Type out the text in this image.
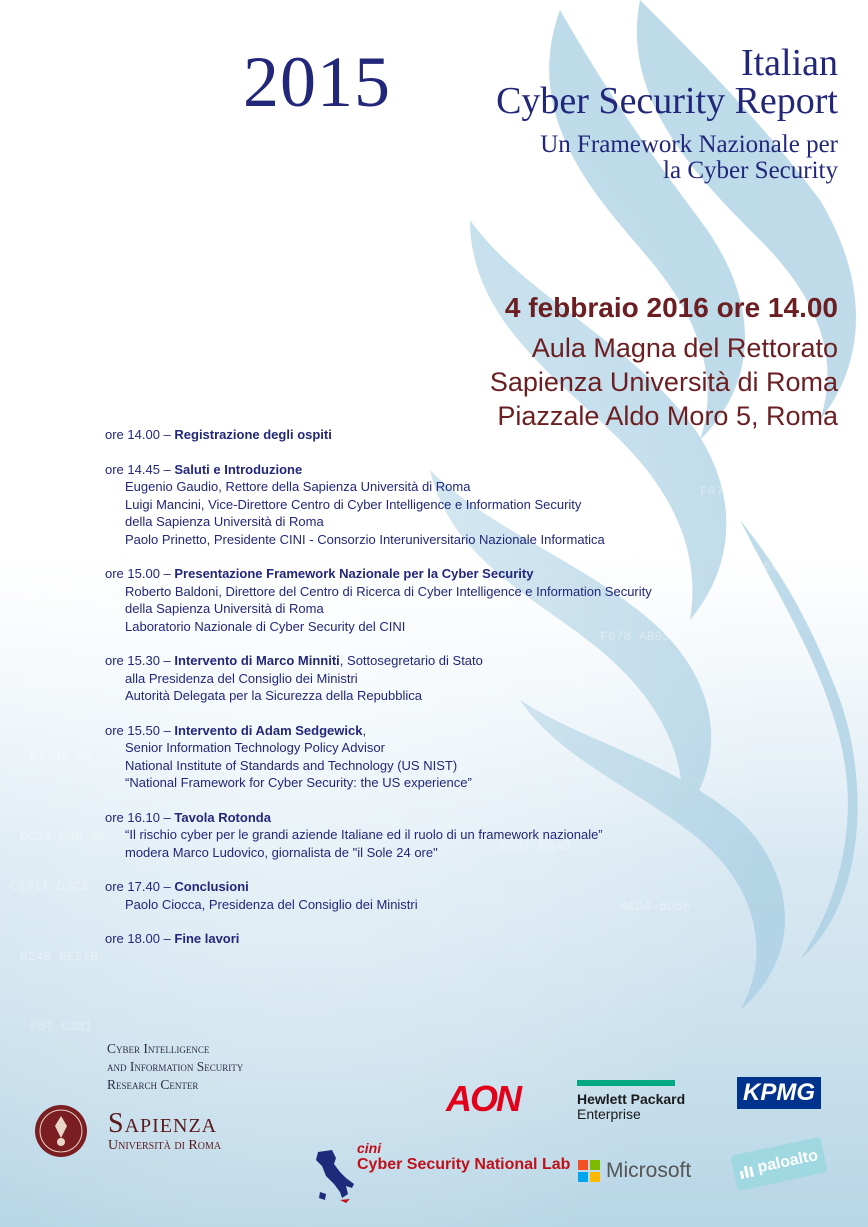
F078 6D 8
B3 5CD4B0
F078 AB93
3901 B4F D
F7 4B B3
BC34 E3B 9A
C0911 D3C3
B24B 6E27B
F57 C3B1
0901 E6AB
4CD4 6D58
2015	Italian
Cyber Security Report
Un Framework Nazionale per
la Cyber Security
4 febbraio 2016 ore 14.00
Aula Magna del Rettorato
Sapienza Università di Roma
Piazzale Aldo Moro 5, Roma
ore 14.00 – Registrazione degli ospiti
ore 14.45 – Saluti e Introduzione
Eugenio Gaudio, Rettore della Sapienza Università di Roma
Luigi Mancini, Vice-Direttore Centro di Cyber Intelligence e Information Security
della Sapienza Università di Roma
Paolo Prinetto, Presidente CINI - Consorzio Interuniversitario Nazionale Informatica
ore 15.00 – Presentazione Framework Nazionale per la Cyber Security
Roberto Baldoni, Direttore del Centro di Ricerca di Cyber Intelligence e Information Security
della Sapienza Università di Roma
Laboratorio Nazionale di Cyber Security del CINI
ore 15.30 – Intervento di Marco Minniti, Sottosegretario di Stato
alla Presidenza del Consiglio dei Ministri
Autorità Delegata per la Sicurezza della Repubblica
ore 15.50 – Intervento di Adam Sedgewick,
Senior Information Technology Policy Advisor
National Institute of Standards and Technology (US NIST)
“National Framework for Cyber Security: the US experience”
ore 16.10 – Tavola Rotonda
“Il rischio cyber per le grandi aziende Italiane ed il ruolo di un framework nazionale”
modera Marco Ludovico, giornalista de "il Sole 24 ore"
ore 17.40 – Conclusioni
Paolo Ciocca, Presidenza del Consiglio dei Ministri
ore 18.00 – Fine lavori
Cyber Intelligence
and Information Security
Research Center
Sapienza
Università di Roma
AON	Hewlett Packard
Enterprise
KPMG
cini
Cyber Security National Lab Microsoft	paloalto
